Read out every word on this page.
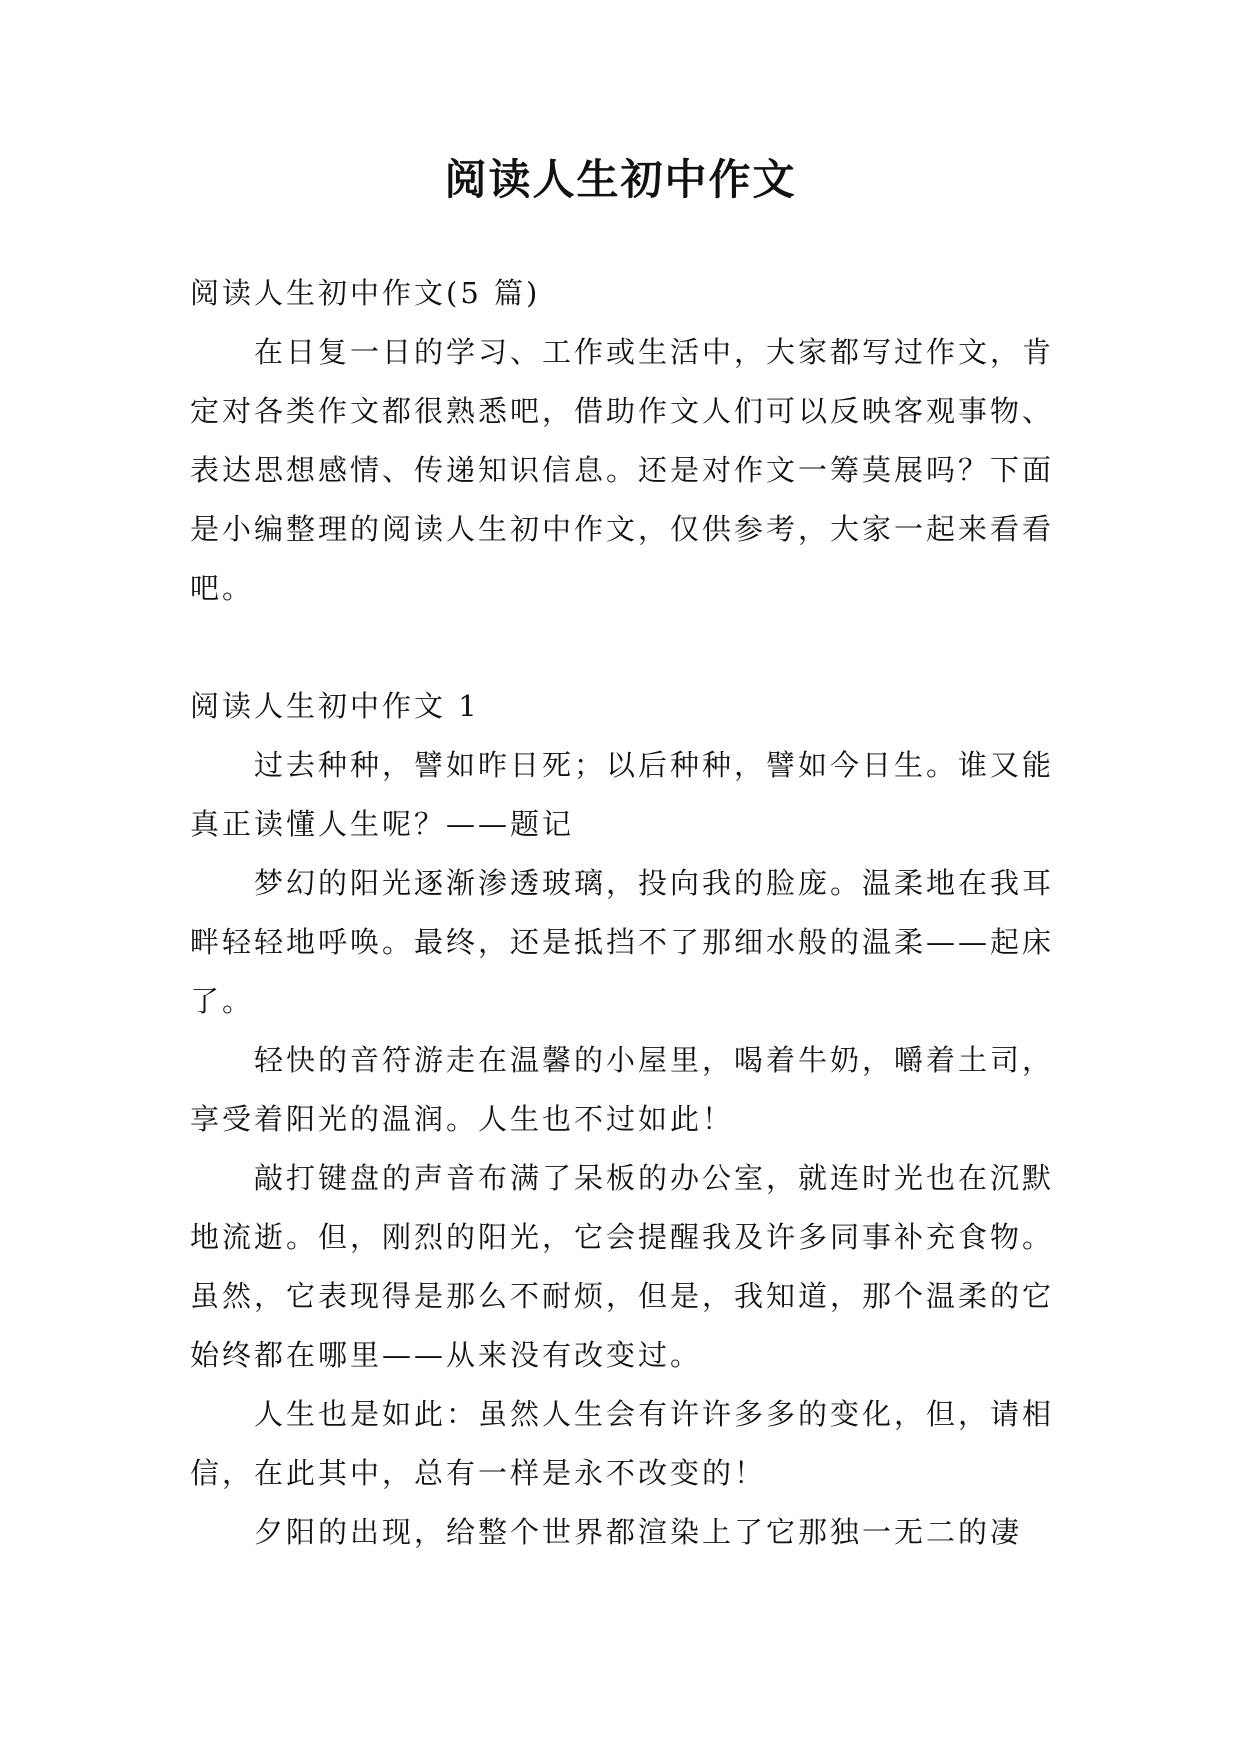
阅读人生初中作文

阅读人生初中作文(5 篇)

在日复一日的学习、工作或生活中，大家都写过作文，肯定对各类作文都很熟悉吧，借助作文人们可以反映客观事物、表达思想感情、传递知识信息。还是对作文一筹莫展吗？下面是小编整理的阅读人生初中作文，仅供参考，大家一起来看看吧。

阅读人生初中作文 1

过去种种，譬如昨日死；以后种种，譬如今日生。谁又能真正读懂人生呢？——题记

梦幻的阳光逐渐渗透玻璃，投向我的脸庞。温柔地在我耳畔轻轻地呼唤。最终，还是抵挡不了那细水般的温柔——起床了。

轻快的音符游走在温馨的小屋里，喝着牛奶，嚼着土司，享受着阳光的温润。人生也不过如此！

敲打键盘的声音布满了呆板的办公室，就连时光也在沉默地流逝。但，刚烈的阳光，它会提醒我及许多同事补充食物。虽然，它表现得是那么不耐烦，但是，我知道，那个温柔的它始终都在哪里——从来没有改变过。

人生也是如此：虽然人生会有许许多多的变化，但，请相信，在此其中，总有一样是永不改变的！

夕阳的出现，给整个世界都渲染上了它那独一无二的凄
